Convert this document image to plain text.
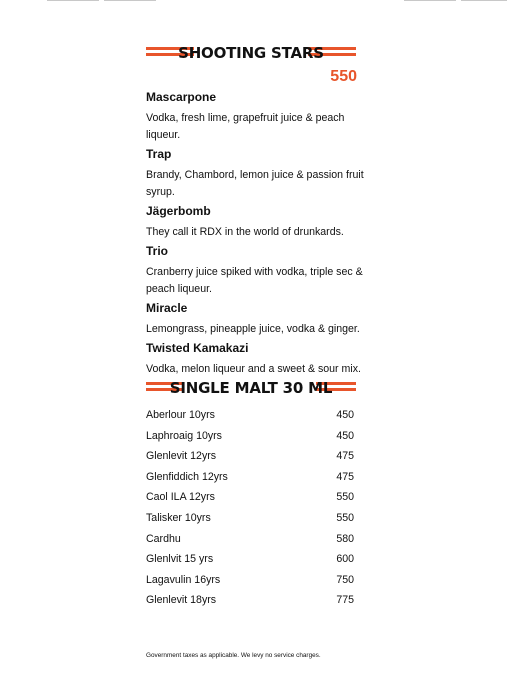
SHOOTING STARS
550
Mascarpone
Vodka, fresh lime, grapefruit juice & peach liqueur.
Trap
Brandy, Chambord, lemon juice & passion fruit syrup.
Jägerbomb
They call it RDX in the world of drunkards.
Trio
Cranberry juice spiked with vodka, triple sec & peach liqueur.
Miracle
Lemongrass, pineapple juice, vodka & ginger.
Twisted Kamakazi
Vodka, melon liqueur and a sweet & sour mix.
SINGLE MALT 30 ML
Aberlour 10yrs	450
Laphroaig 10yrs	450
Glenlevit 12yrs	475
Glenfiddich 12yrs	475
Caol ILA 12yrs	550
Talisker 10yrs	550
Cardhu	580
Glenlvit 15 yrs	600
Lagavulin 16yrs	750
Glenlevit 18yrs	775
Government taxes as applicable. We levy no service charges.
